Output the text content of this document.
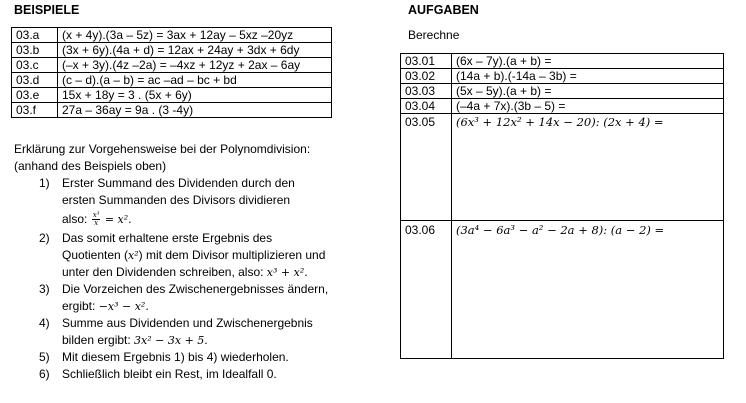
BEISPIELE
03.a	(x + 4y).(3a – 5z) = 3ax + 12ay – 5xz –20yz
03.b	(3x + 6y).(4a + d) = 12ax + 24ay + 3dx + 6dy
03.c	(–x + 3y).(4z –2a) = –4xz + 12yz + 2ax – 6ay
03.d	(c – d).(a – b) = ac –ad – bc + bd
03.e	15x + 18y = 3 . (5x + 6y)
03.f	27a – 36ay = 9a . (3 -4y)
Erklärung zur Vorgehensweise bei der Polynomdivision:
(anhand des Beispiels oben)
1) Erster Summand des Dividenden durch den
ersten Summanden des Divisors dividieren
also: $\frac{\text{x³}}{x} = x^2$.
2) Das somit erhaltene erste Ergebnis des
Quotienten (x²) mit dem Divisor multiplizieren und
unter den Dividenden schreiben, also: x³ + x².
3) Die Vorzeichen des Zwischenergebnisses ändern,
ergibt: −x³ − x².
4) Summe aus Dividenden und Zwischenergebnis
bilden ergibt: 3x² − 3x + 5.
5) Mit diesem Ergebnis 1) bis 4) wiederholen.
6) Schließlich bleibt ein Rest, im Idealfall 0.
AUFGABEN
Berechne
03.01	(6x – 7y).(a + b) =
03.02	(14a + b).(-14a – 3b) =
03.03	(5x – 5y).(a + b) =
03.04	(–4a + 7x).(3b – 5) =
03.05	(6x³ + 12x² + 14x − 20): (2x + 4) =
03.06	(3a⁴ − 6a³ − a² − 2a + 8): (a − 2) =
